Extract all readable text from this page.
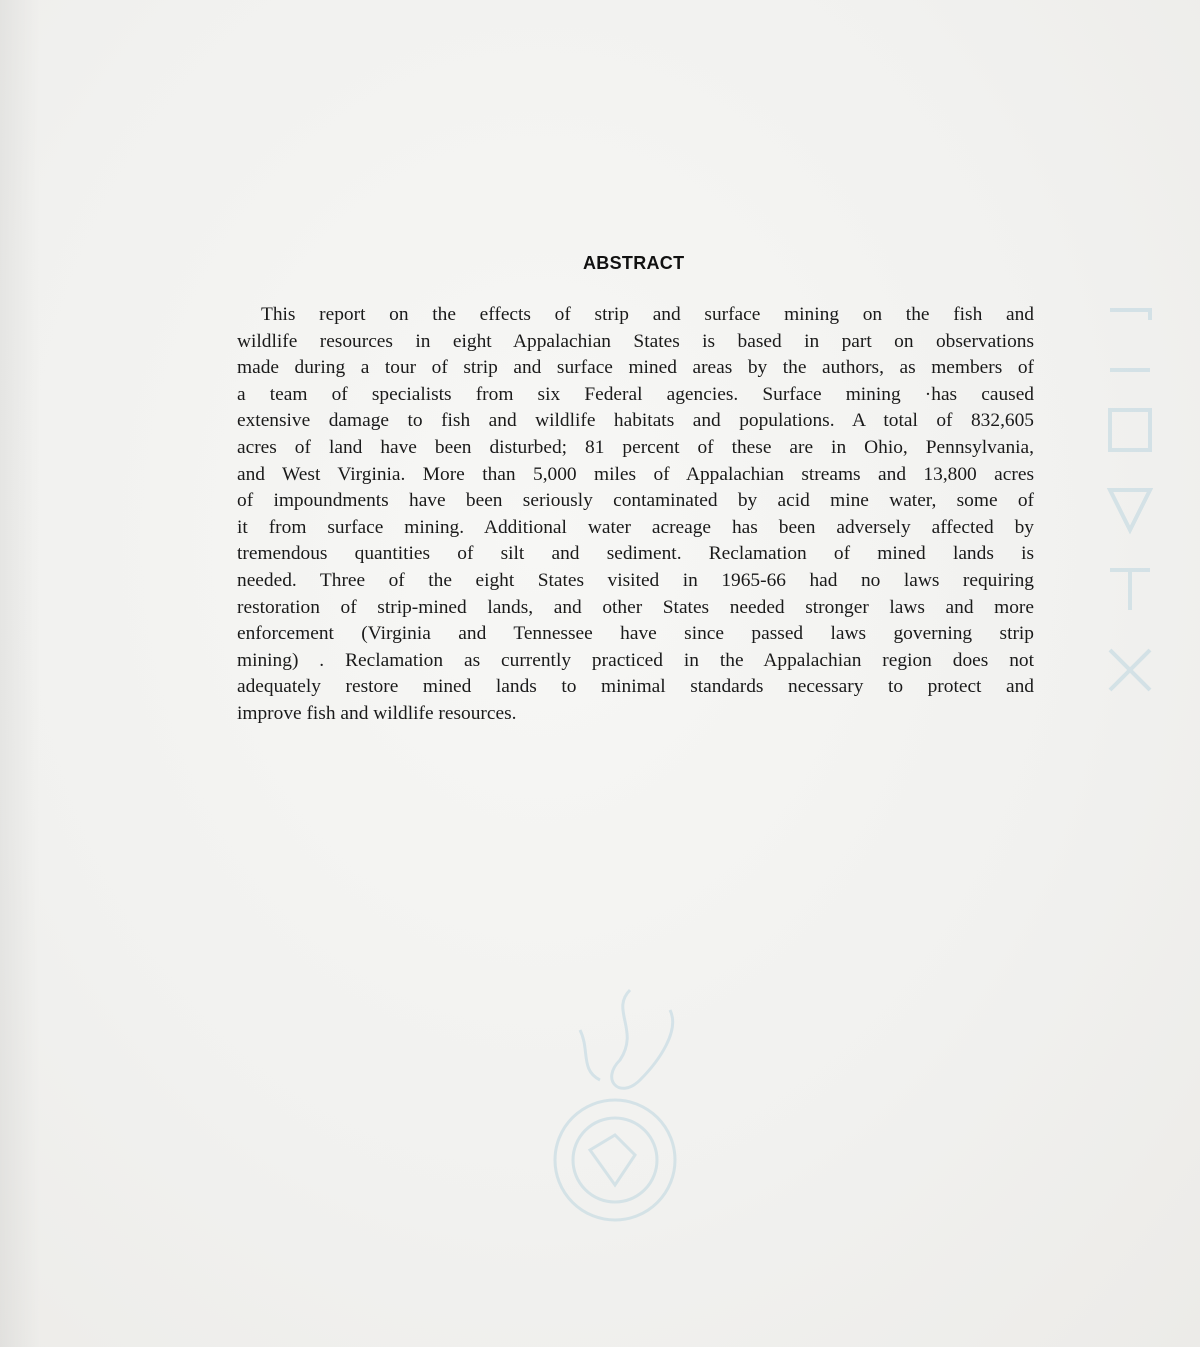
ABSTRACT
This report on the effects of strip and surface mining on the fish and
wildlife resources in eight Appalachian States is based in part on observations
made during a tour of strip and surface mined areas by the authors, as members of
a team of specialists from six Federal agencies. Surface mining ·has caused
extensive damage to fish and wildlife habitats and populations. A total of 832,605
acres of land have been disturbed; 81 percent of these are in Ohio, Pennsylvania,
and West Virginia. More than 5,000 miles of Appalachian streams and 13,800 acres
of impoundments have been seriously contaminated by acid mine water, some of
it from surface mining. Additional water acreage has been adversely affected by
tremendous quantities of silt and sediment. Reclamation of mined lands is
needed. Three of the eight States visited in 1965-66 had no laws requiring
restoration of strip-mined lands, and other States needed stronger laws and more
enforcement (Virginia and Tennessee have since passed laws governing strip
mining) . Reclamation as currently practiced in the Appalachian region does not
adequately restore mined lands to minimal standards necessary to protect and
improve fish and wildlife resources.
